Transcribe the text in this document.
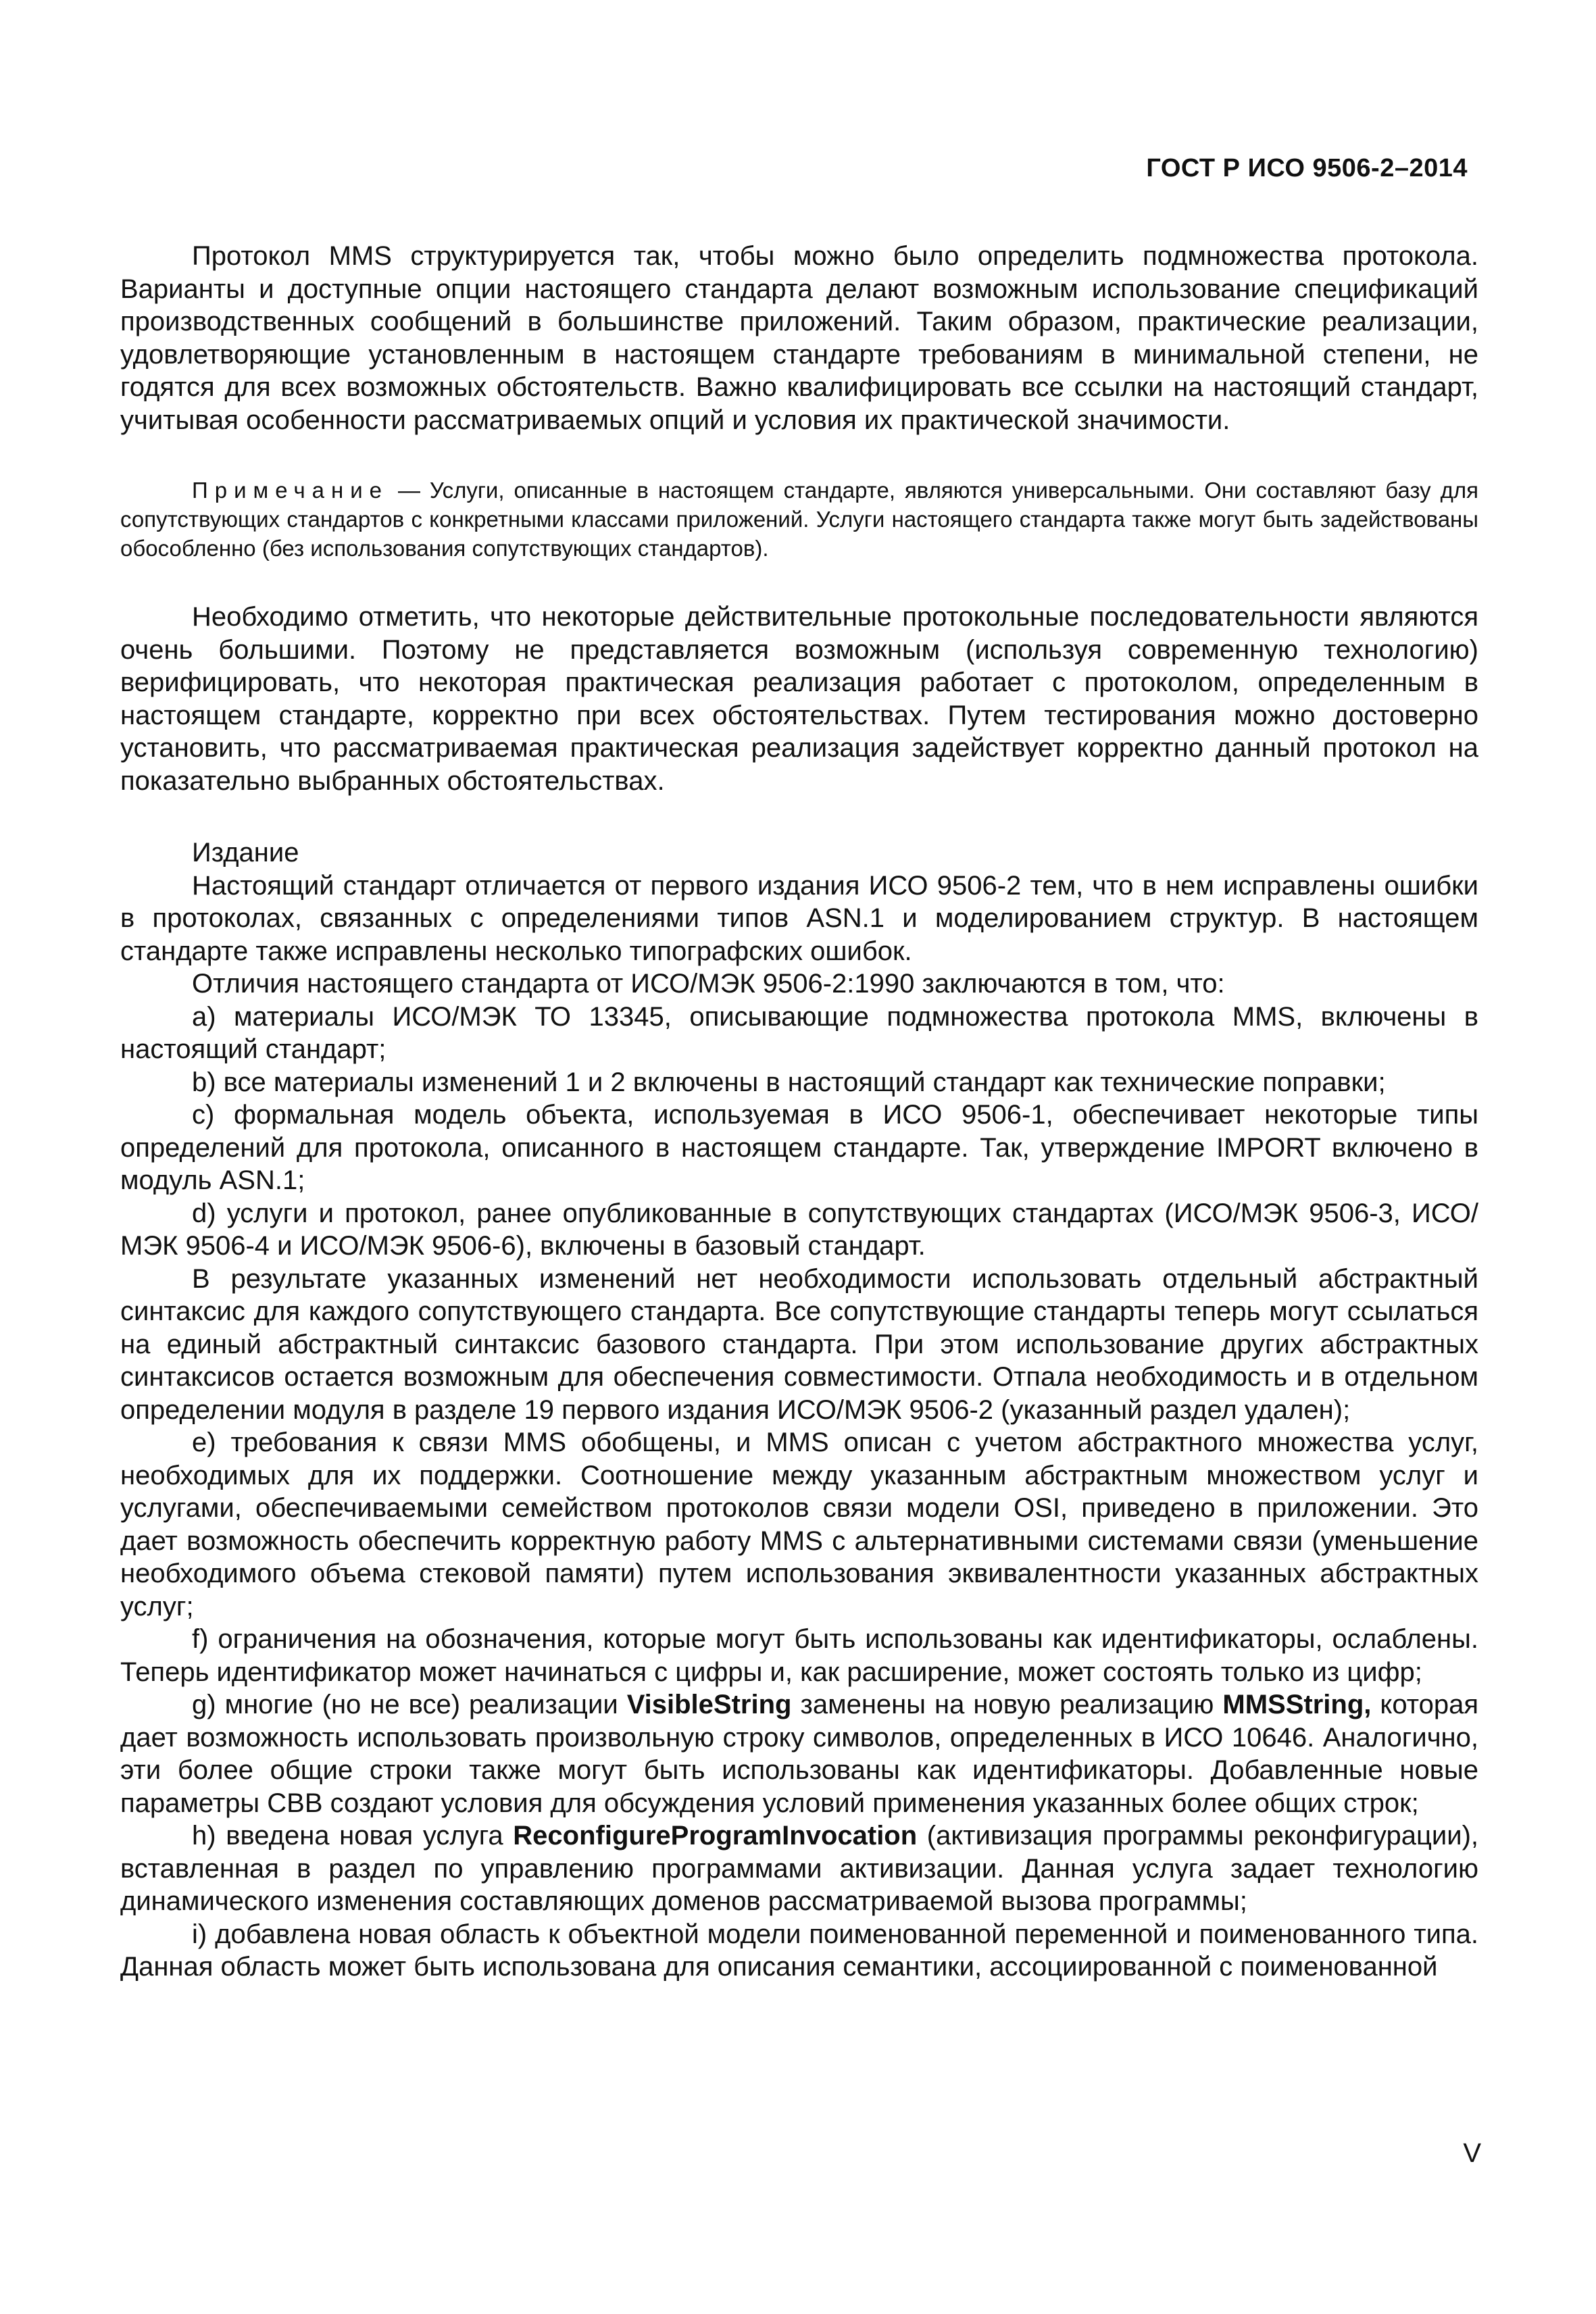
ГОСТ Р ИСО 9506-2–2014

Протокол MMS структурируется так, чтобы можно было определить подмножества протокола. Варианты и доступные опции настоящего стандарта делают возможным использование спецификаций производственных сообщений в большинстве приложений. Таким образом, практические реализации, удовлетворяющие установленным в настоящем стандарте требованиям в минимальной степени, не годятся для всех возможных обстоятельств. Важно квалифицировать все ссылки на настоящий стандарт, учитывая особенности рассматриваемых опций и условия их практической значимости.

Примечание — Услуги, описанные в настоящем стандарте, являются универсальными. Они составляют базу для сопутствующих стандартов с конкретными классами приложений. Услуги настоящего стандарта также могут быть задействованы обособленно (без использования сопутствующих стандартов).

Необходимо отметить, что некоторые действительные протокольные последовательности являются очень большими. Поэтому не представляется возможным (используя современную технологию) верифицировать, что некоторая практическая реализация работает с протоколом, определенным в настоящем стандарте, корректно при всех обстоятельствах. Путем тестирования можно достоверно установить, что рассматриваемая практическая реализация задействует корректно данный протокол на показательно выбранных обстоятельствах.

Издание

Настоящий стандарт отличается от первого издания ИСО 9506-2 тем, что в нем исправлены ошибки в протоколах, связанных с определениями типов ASN.1 и моделированием структур. В настоящем стандарте также исправлены несколько типографских ошибок.

Отличия настоящего стандарта от ИСО/МЭК 9506-2:1990 заключаются в том, что:

a) материалы ИСО/МЭК ТО 13345, описывающие подмножества протокола MMS, включены в настоящий стандарт;

b) все материалы изменений 1 и 2 включены в настоящий стандарт как технические поправки;

c) формальная модель объекта, используемая в ИСО 9506-1, обеспечивает некоторые типы определений для протокола, описанного в настоящем стандарте. Так, утверждение IMPORT включено в модуль ASN.1;

d) услуги и протокол, ранее опубликованные в сопутствующих стандартах (ИСО/МЭК 9506-3, ИСО/МЭК 9506-4 и ИСО/МЭК 9506-6), включены в базовый стандарт.

В результате указанных изменений нет необходимости использовать отдельный абстрактный синтаксис для каждого сопутствующего стандарта. Все сопутствующие стандарты теперь могут ссылаться на единый абстрактный синтаксис базового стандарта. При этом использование других абстрактных синтаксисов остается возможным для обеспечения совместимости. Отпала необходимость и в отдельном определении модуля в разделе 19 первого издания ИСО/МЭК 9506-2 (указанный раздел удален);

e) требования к связи MMS обобщены, и MMS описан с учетом абстрактного множества услуг, необходимых для их поддержки. Соотношение между указанным абстрактным множеством услуг и услугами, обеспечиваемыми семейством протоколов связи модели OSI, приведено в приложении. Это дает возможность обеспечить корректную работу MMS с альтернативными системами связи (уменьшение необходимого объема стековой памяти) путем использования эквивалентности указанных абстрактных услуг;

f) ограничения на обозначения, которые могут быть использованы как идентификаторы, ослаблены. Теперь идентификатор может начинаться с цифры и, как расширение, может состоять только из цифр;

g) многие (но не все) реализации VisibleString заменены на новую реализацию MMSString, которая дает возможность использовать произвольную строку символов, определенных в ИСО 10646. Аналогично, эти более общие строки также могут быть использованы как идентификаторы. Добавленные новые параметры CBB создают условия для обсуждения условий применения указанных более общих строк;

h) введена новая услуга ReconfigureProgramInvocation (активизация программы реконфигурации), вставленная в раздел по управлению программами активизации. Данная услуга задает технологию динамического изменения составляющих доменов рассматриваемой вызова программы;

i) добавлена новая область к объектной модели поименованной переменной и поименованного типа. Данная область может быть использована для описания семантики, ассоциированной с поименованной

V
